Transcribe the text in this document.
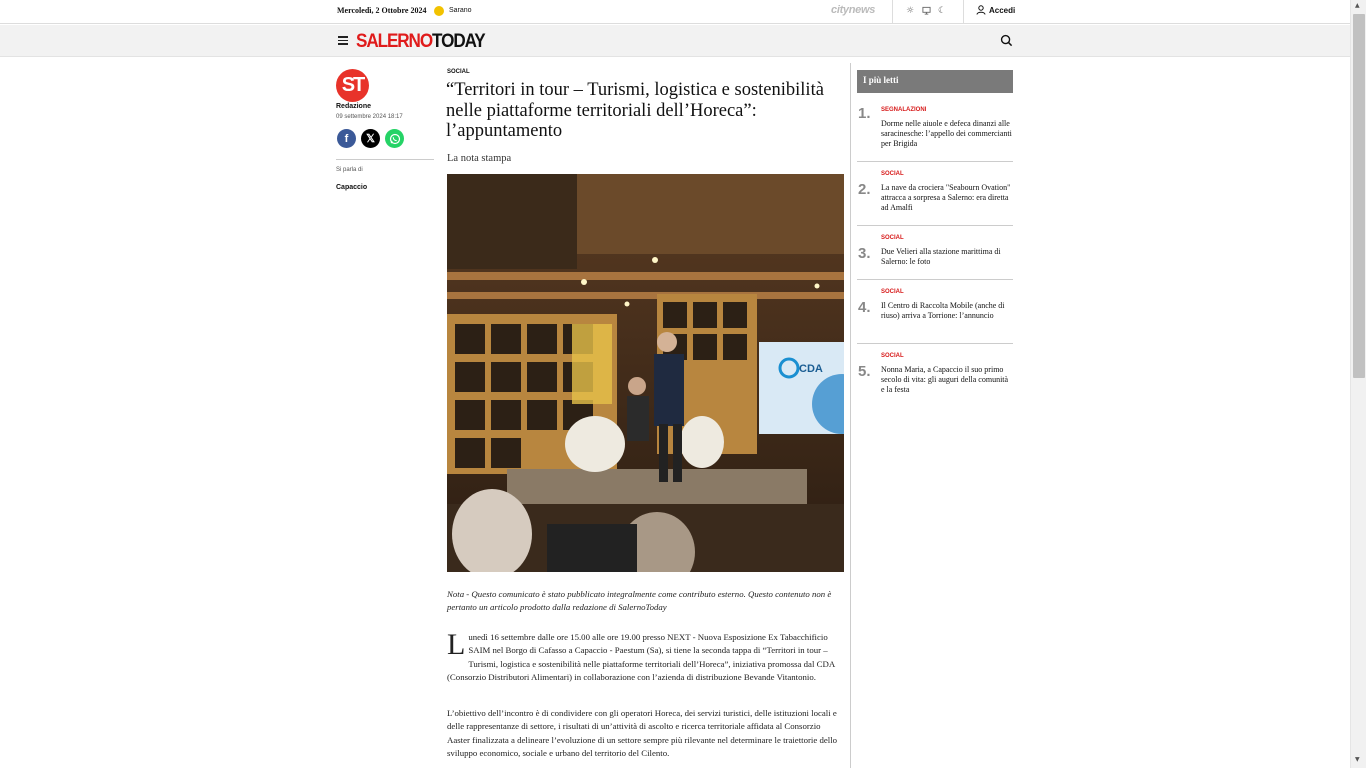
Mercoledì, 2 Ottobre 2024	Sarano	citynews	☼	☾	Accedi
SALERNOTODAY
ST
Redazione
09 settembre 2024 18:17
f	𝕏
Si parla di
Capaccio
SOCIAL
“Territori in tour – Turismi, logistica e sostenibilità nelle piattaforme territoriali dell’Horeca”: l’appuntamento
La nota stampa
CDA
Nota - Questo comunicato è stato pubblicato integralmente come contributo esterno. Questo contenuto non è pertanto un articolo prodotto dalla redazione di SalernoToday
Lunedì 16 settembre dalle ore 15.00 alle ore 19.00 presso NEXT - Nuova Esposizione Ex Tabacchificio SAIM nel Borgo di Cafasso a Capaccio - Paestum (Sa), si tiene la seconda tappa di “Territori in tour – Turismi, logistica e sostenibilità nelle piattaforme territoriali dell’Horeca”, iniziativa promossa dal CDA (Consorzio Distributori Alimentari) in collaborazione con l’azienda di distribuzione Bevande Vitantonio.
L’obiettivo dell’incontro è di condividere con gli operatori Horeca, dei servizi turistici, delle istituzioni locali e delle rappresentanze di settore, i risultati di un’attività di ascolto e ricerca territoriale affidata al Consorzio Aaster finalizzata a delineare l’evoluzione di un settore sempre più rilevante nel determinare le traiettorie dello sviluppo economico, sociale e urbano del territorio del Cilento.
I più letti
1. SEGNALAZIONI
Dorme nelle aiuole e defeca dinanzi alle saracinesche: l’appello dei commercianti per Brigida
2.
SOCIAL
La nave da crociera "Seabourn Ovation" attracca a sorpresa a Salerno: era diretta ad Amalfi
3.
SOCIAL
Due Velieri alla stazione marittima di Salerno: le foto
4.
SOCIAL
Il Centro di Raccolta Mobile (anche di riuso) arriva a Torrione: l’annuncio
5.
SOCIAL
Nonna Maria, a Capaccio il suo primo secolo di vita: gli auguri della comunità e la festa
▲
▼
